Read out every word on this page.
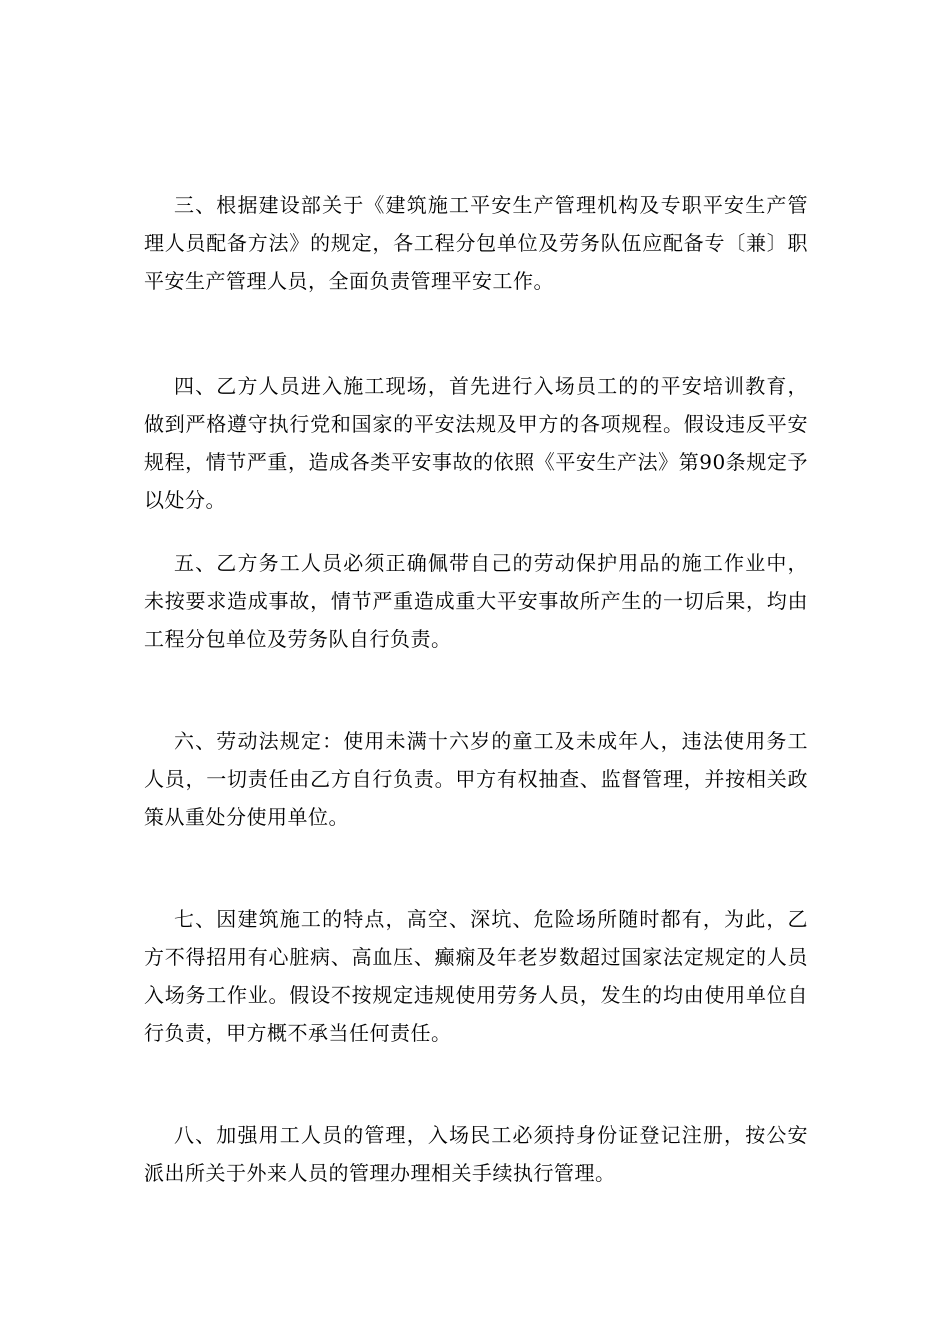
三、根据建设部关于《建筑施工平安生产管理机构及专职平安生产管理人员配备方法》的规定，各工程分包单位及劳务队伍应配备专〔兼〕职平安生产管理人员，全面负责管理平安工作。

四、乙方人员进入施工现场，首先进行入场员工的的平安培训教育，做到严格遵守执行党和国家的平安法规及甲方的各项规程。假设违反平安规程，情节严重，造成各类平安事故的依照《平安生产法》第90条规定予以处分。

五、乙方务工人员必须正确佩带自己的劳动保护用品的施工作业中，未按要求造成事故，情节严重造成重大平安事故所产生的一切后果，均由工程分包单位及劳务队自行负责。

六、劳动法规定：使用未满十六岁的童工及未成年人，违法使用务工人员，一切责任由乙方自行负责。甲方有权抽查、监督管理，并按相关政策从重处分使用单位。

七、因建筑施工的特点，高空、深坑、危险场所随时都有，为此，乙方不得招用有心脏病、高血压、癫痫及年老岁数超过国家法定规定的人员入场务工作业。假设不按规定违规使用劳务人员，发生的均由使用单位自行负责，甲方概不承当任何责任。

八、加强用工人员的管理，入场民工必须持身份证登记注册，按公安派出所关于外来人员的管理办理相关手续执行管理。
